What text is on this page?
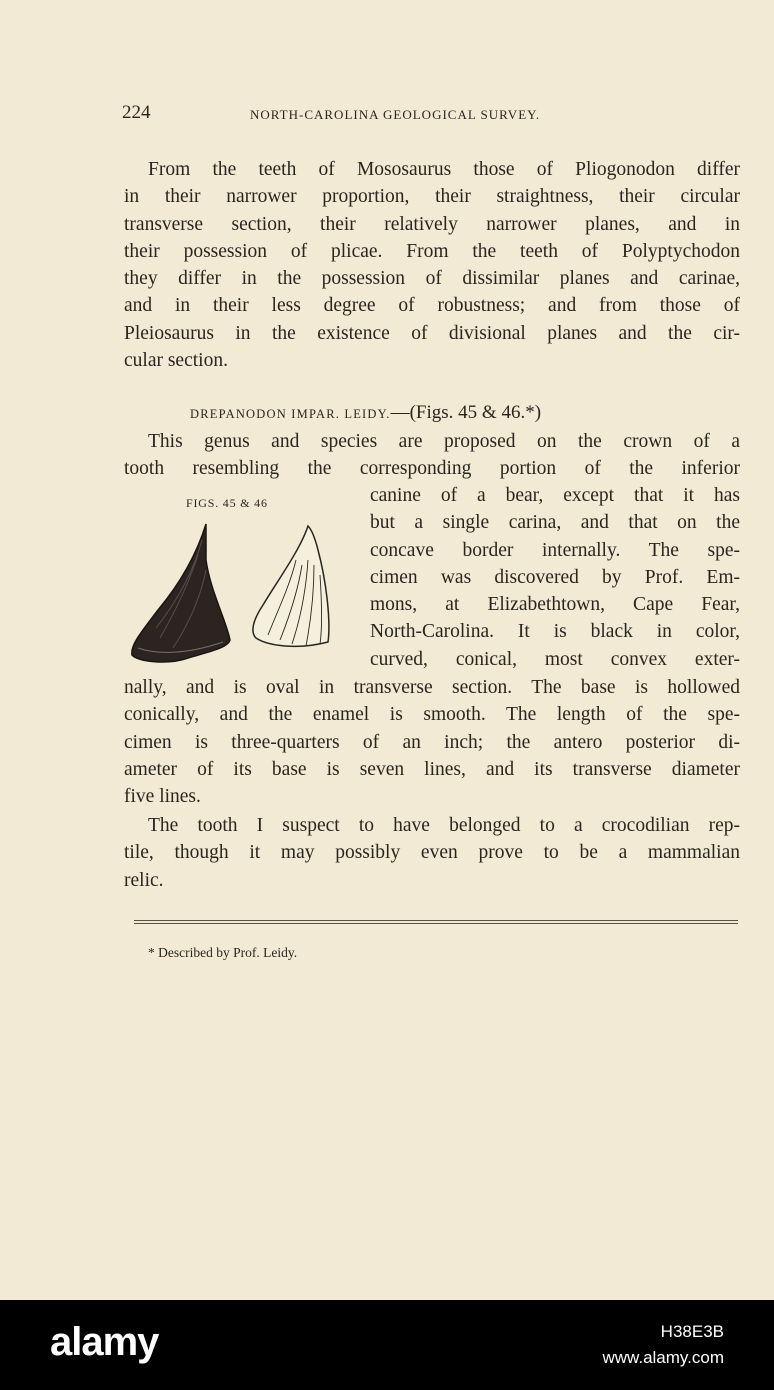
224	NORTH-CAROLINA GEOLOGICAL SURVEY.
From the teeth of Mososaurus those of Pliogonodon differ
in their narrower proportion, their straightness, their circular
transverse section, their relatively narrower planes, and in
their possession of plicae. From the teeth of Polyptychodon
they differ in the possession of dissimilar planes and carinae,
and in their less degree of robustness; and from those of
Pleiosaurus in the existence of divisional planes and the cir-
cular section.
DREPANODON IMPAR. LEIDY.—(Figs. 45 & 46.*)
This genus and species are proposed on the crown of a
tooth resembling the corresponding portion of the inferior
FIGS. 45 & 46	canine of a bear, except that it has
but a single carina, and that on the
concave border internally. The spe-
cimen was discovered by Prof. Em-
mons, at Elizabethtown, Cape Fear,
North-Carolina. It is black in color,
curved, conical, most convex exter-
nally, and is oval in transverse section. The base is hollowed
conically, and the enamel is smooth. The length of the spe-
cimen is three-quarters of an inch; the antero posterior di-
ameter of its base is seven lines, and its transverse diameter
five lines.
The tooth I suspect to have belonged to a crocodilian rep-
tile, though it may possibly even prove to be a mammalian
relic.
* Described by Prof. Leidy.
alamy	H38E3B
www.alamy.com
